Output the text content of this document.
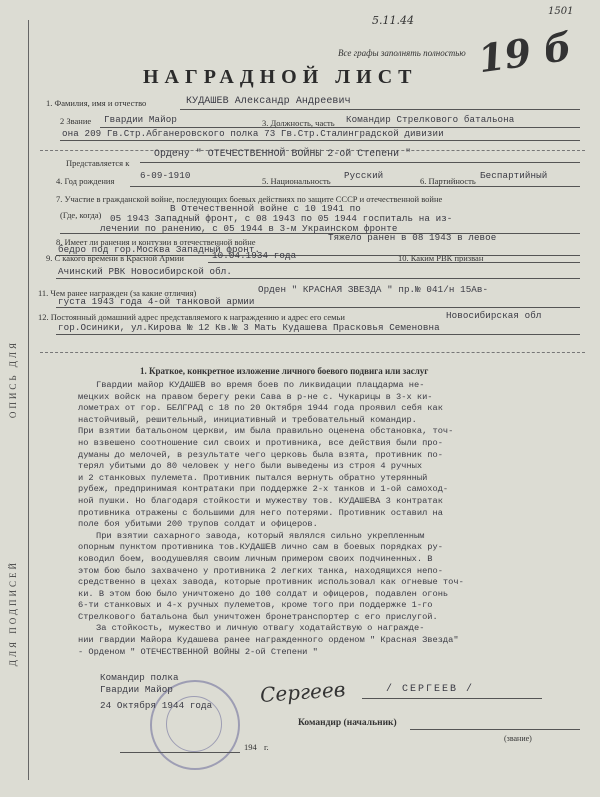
ОПИСЬ ДЛЯ
ДЛЯ ПОДПИСЕЙ
5.11.44
1501
19 б
Все графы заполнять полностью
НАГРАДНОЙ ЛИСТ
1. Фамилия, имя и отчество	КУДАШЕВ Александр Андреевич
2 Звание Гвардии Майор	3. Должность, часть Командир Стрелкового батальона
она 209 Гв.Стр.Абганеровского полка 73 Гв.Стр.Сталинградской дивизии
Представляется к
Ордену " ОТЕЧЕСТВЕННОЙ ВОЙНЫ 2-ой Степени "
4. Год рождения	6-09-1910	5. Национальность Русский	6. Партийность Беспартийный
7. Участие в гражданской войне, последующих боевых действиях по защите СССР и отечественной войне
В Отечественной войне с 10 1941 по
(Где, когда) 05 1943 Западный фронт, с 08 1943 по 05 1944 госпиталь на из-
лечении по ранению, с 05 1944 в 3-м Украинском фронте
8. Имеет ли ранения и контузии в отечественной войне	Тяжело ранен в 08 1943 в левое
бедро под гор.Москва Западный фронт.
9. С какого времени в Красной Армии	10.04.1934 года	10. Каким РВК призван
Ачинский РВК Новосибирской обл.
11. Чем ранее награжден (за какие отличия)	Орден " КРАСНАЯ ЗВЕЗДА " пр.№ 041/н 15Ав-
густа 1943 года 4-ой танковой армии
12. Постоянный домашний адрес представляемого к награждению и адрес его семьи	Новосибирская обл
гор.Осиники, ул.Кирова № 12 Кв.№ 3 Мать Кудашева Прасковья Семеновна
1. Краткое, конкретное изложение личного боевого подвига или заслуг
Гвардии майор КУДАШЕВ во время боев по ликвидации плацдарма не-
мецких войск на правом берегу реки Сава в р-не с. Чукарицы в 3-х ки-
лометрах от гор. БЕЛГРАД с 18 по 20 Октября 1944 года проявил себя как
настойчивый, решительный, инициативный и требовательный командир.
При взятии батальоном церкви, им была правильно оценена обстановка, точ-
но взвешено соотношение сил своих и противника, все действия были про-
думаны до мелочей, в результате чего церковь была взята, противник по-
терял убитыми до 80 человек у него были выведены из строя 4 ручных
и 2 станковых пулемета. Противник пытался вернуть обратно утерянный
рубеж, предпринимая контратаки при поддержке 2-х танков и 1-ой самоход-
ной пушки. Но благодаря стойкости и мужеству тов. КУДАШЕВА 3 контратак
противника отражены с большими для него потерями. Противник оставил на
поле боя убитыми 200 трупов солдат и офицеров.
При взятии сахарного завода, который являлся сильно укрепленным
опорным пунктом противника тов.КУДАШЕВ лично сам в боевых порядках ру-
ководил боем, воодушевляя своим личным примером своих подчиненных. В
этом бою было захвачено у противника 2 легких танка, находящихся непо-
средственно в цехах завода, которые противник использовал как огневые точ-
ки. В этом бою было уничтожено до 100 солдат и офицеров, подавлен огонь
6-ти станковых и 4-х ручных пулеметов, кроме того при поддержке 1-го
Стрелкового батальона был уничтожен бронетранспортер с его прислугой.
За стойкость, мужество и личную отвагу ходатайствую о награжде-
нии гвардии Майора Кудашева ранее награжденного орденом " Красная Звезда"
- Орденом " ОТЕЧЕСТВЕННОЙ ВОЙНЫ 2-ой Степени "
Командир полка
Гвардии Майор
24 Октября 1944 года Сергеев	/ СЕРГЕЕВ /
Командир (начальник)
(звание)
194 г.
